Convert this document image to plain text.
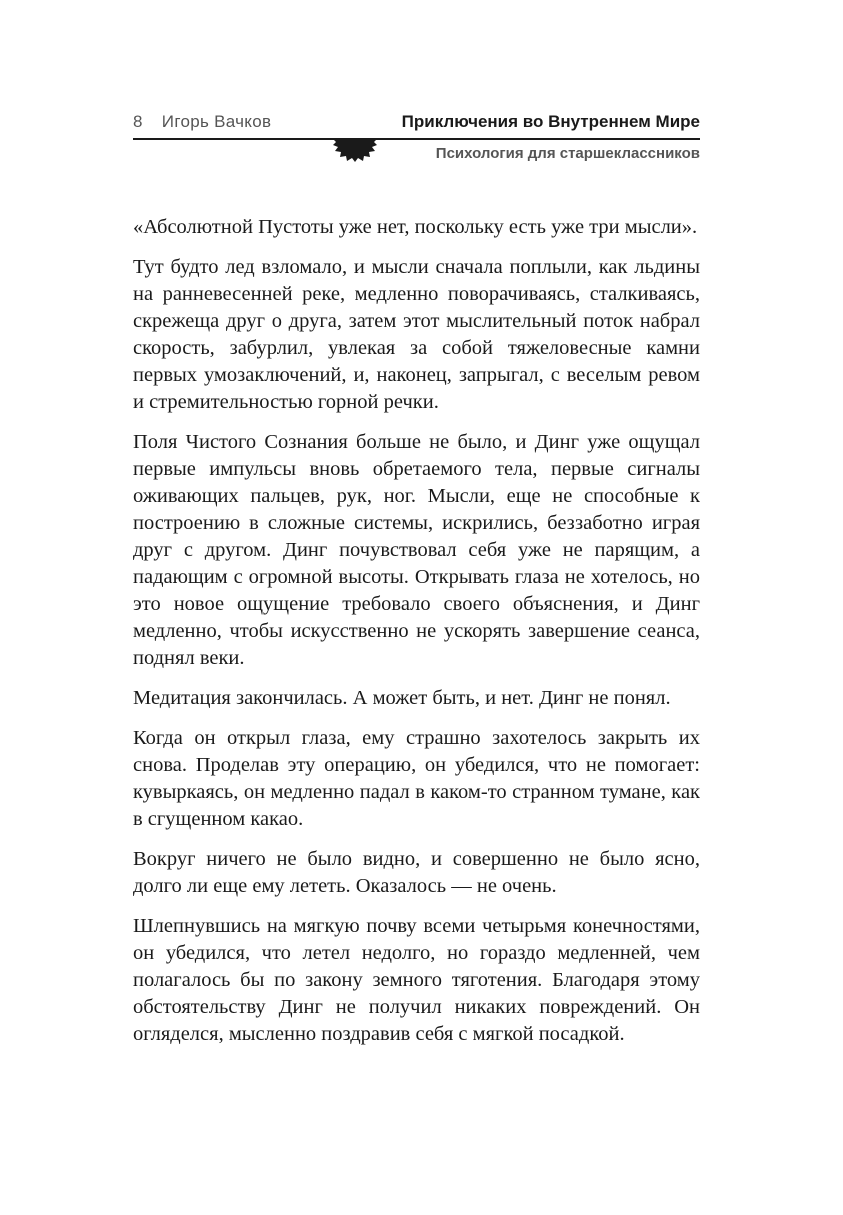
8 Игорь Вачков	Приключения во Внутреннем Мире
Психология для старшеклассников

«Абсолютной Пустоты уже нет, поскольку есть уже три мысли».

Тут будто лед взломало, и мысли сначала поплыли, как льдины на ранневесенней реке, медленно поворачиваясь, сталкиваясь, скрежеща друг о друга, затем этот мыслительный поток набрал скорость, забурлил, увлекая за собой тяжеловесные камни первых умозаключений, и, наконец, запрыгал, с веселым ревом и стремительностью горной речки.

Поля Чистого Сознания больше не было, и Динг уже ощущал первые импульсы вновь обретаемого тела, первые сигналы оживающих пальцев, рук, ног. Мысли, еще не способные к построению в сложные системы, искрились, беззаботно играя друг с другом. Динг почувствовал себя уже не парящим, а падающим с огромной высоты. Открывать глаза не хотелось, но это новое ощущение требовало своего объяснения, и Динг медленно, чтобы искусственно не ускорять завершение сеанса, поднял веки.

Медитация закончилась. А может быть, и нет. Динг не понял.

Когда он открыл глаза, ему страшно захотелось закрыть их снова. Проделав эту операцию, он убедился, что не помогает: кувыркаясь, он медленно падал в каком-то странном тумане, как в сгущенном какао.

Вокруг ничего не было видно, и совершенно не было ясно, долго ли еще ему лететь. Оказалось — не очень.

Шлепнувшись на мягкую почву всеми четырьмя конечностями, он убедился, что летел недолго, но гораздо медленней, чем полагалось бы по закону земного тяготения. Благодаря этому обстоятельству Динг не получил никаких повреждений. Он огляделся, мысленно поздравив себя с мягкой посадкой.
